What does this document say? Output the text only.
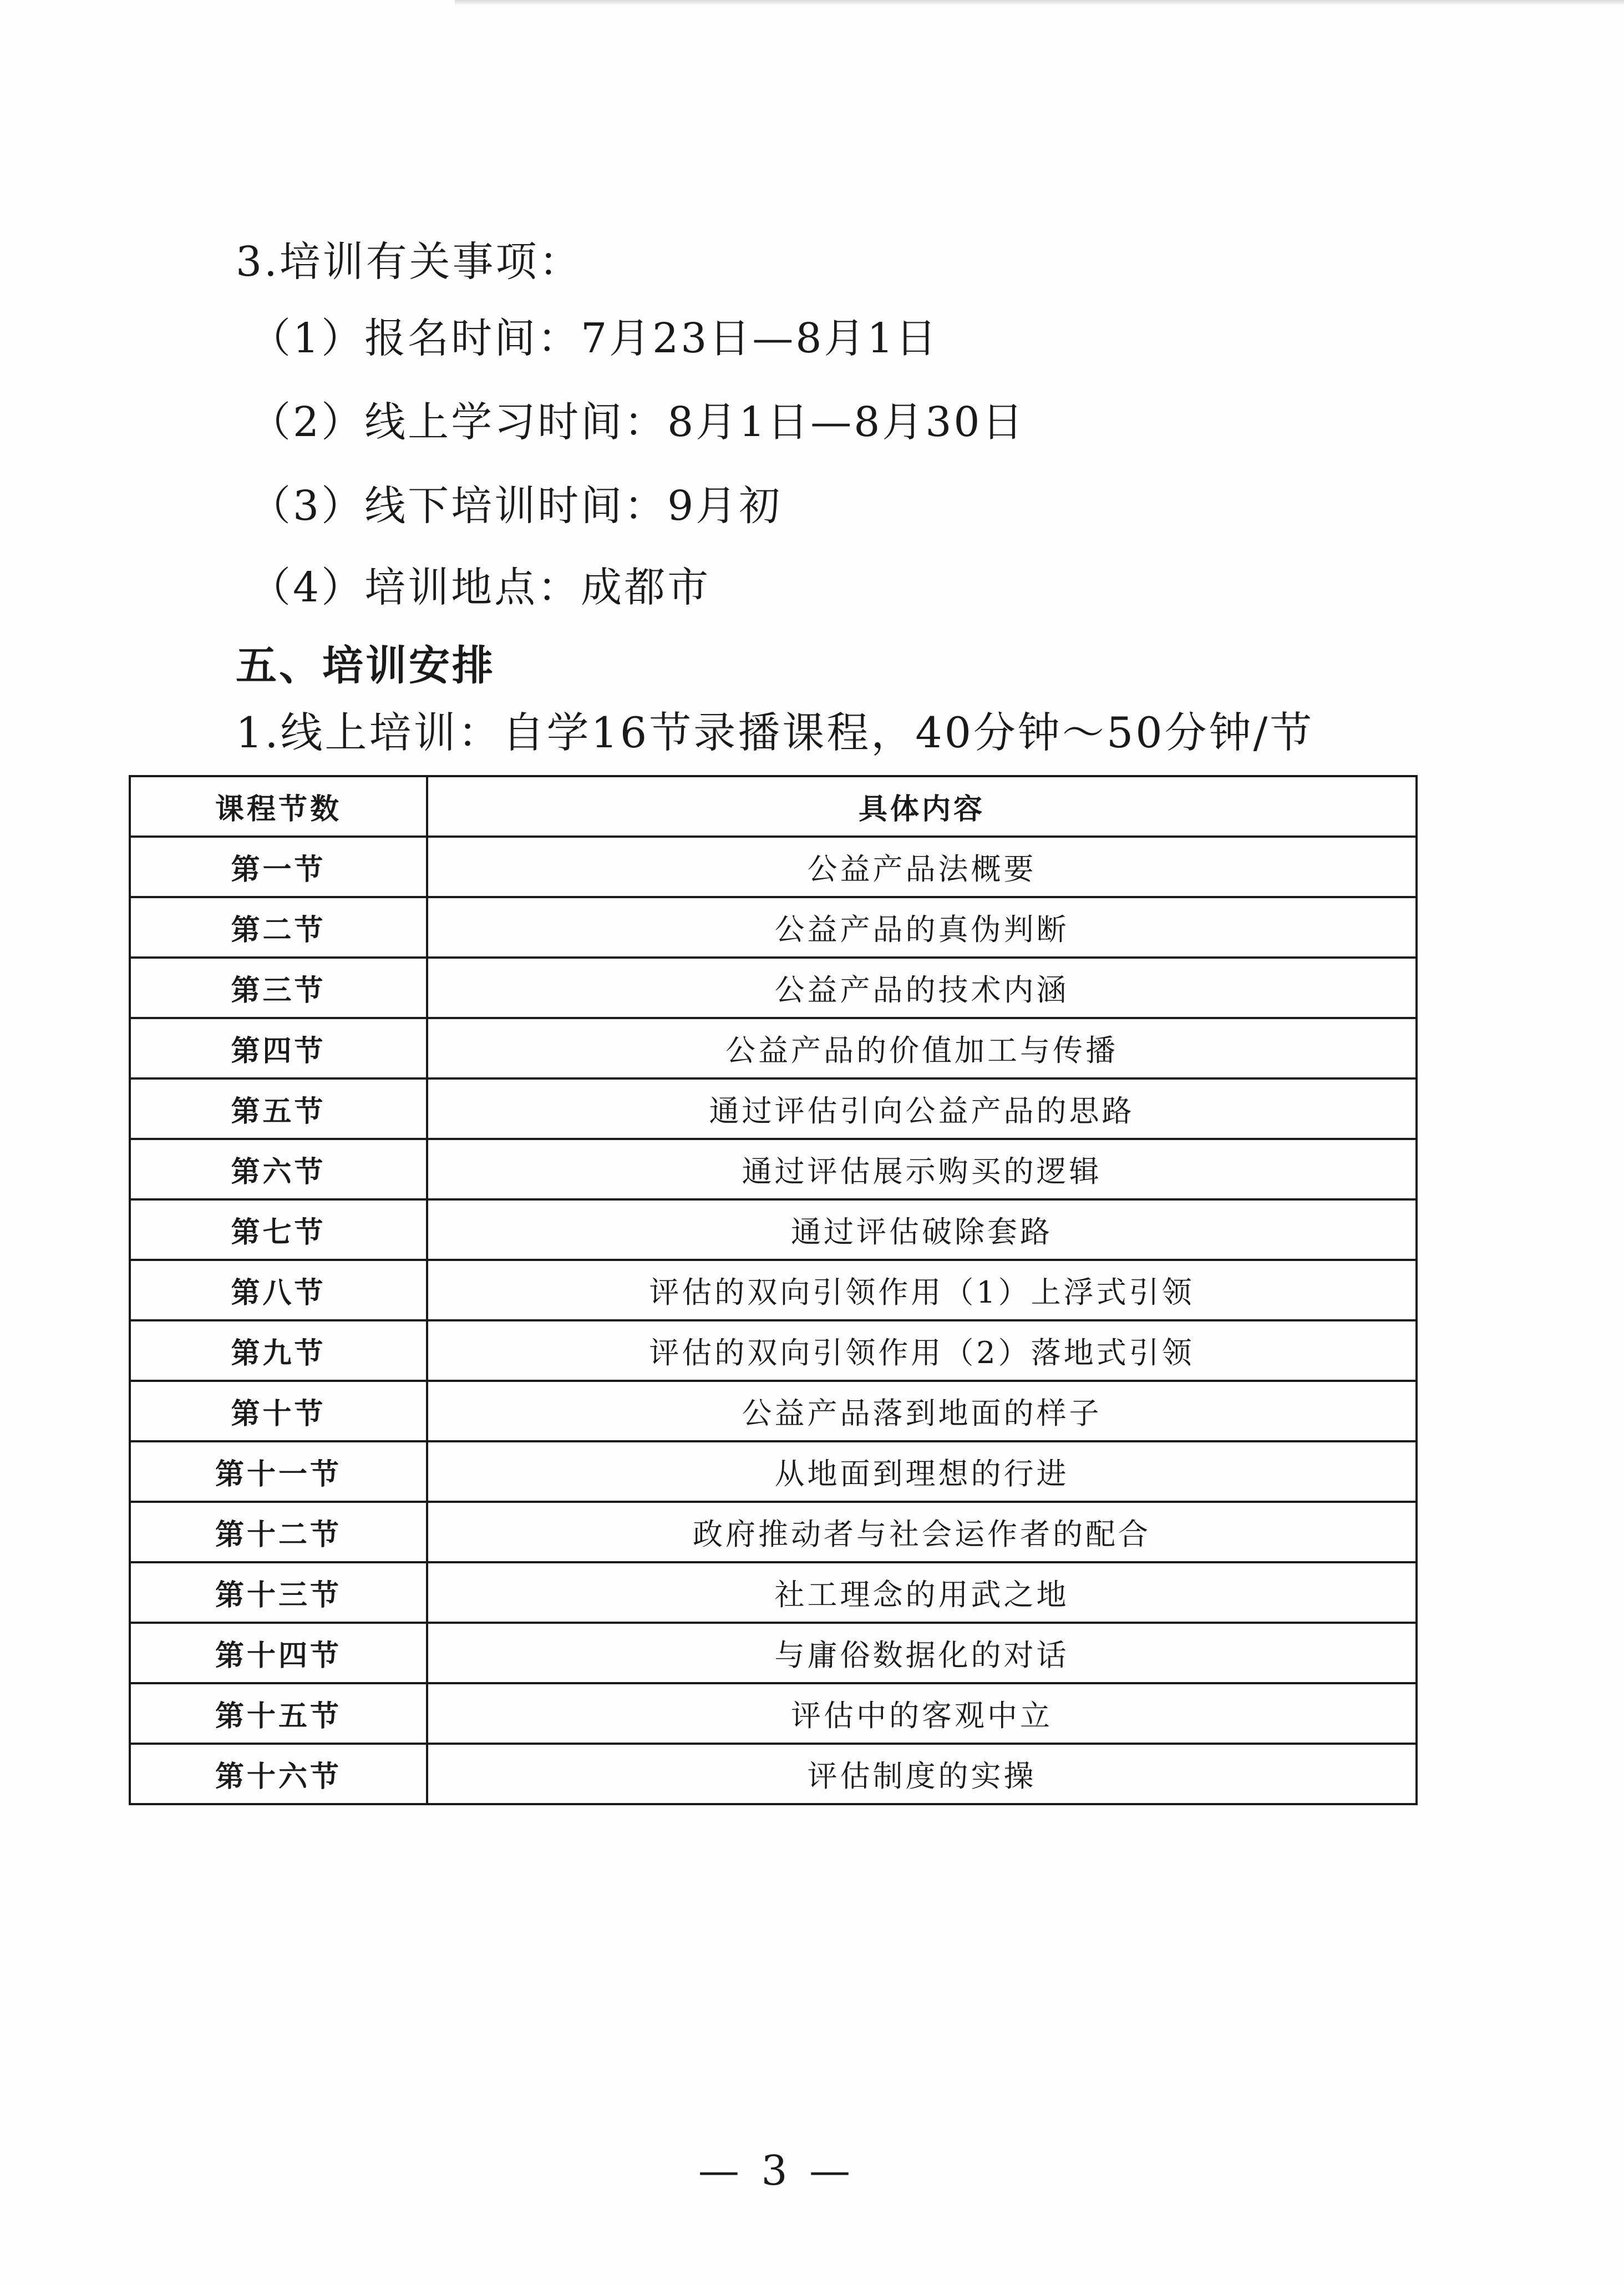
3.培训有关事项：
（1）报名时间：7月23日—8月1日
（2）线上学习时间：8月1日—8月30日
（3）线下培训时间：9月初
（4）培训地点：成都市
五、培训安排
1.线上培训：自学16节录播课程，40分钟～50分钟/节
课程节数	具体内容
第一节	公益产品法概要
第二节	公益产品的真伪判断
第三节	公益产品的技术内涵
第四节	公益产品的价值加工与传播
第五节	通过评估引向公益产品的思路
第六节	通过评估展示购买的逻辑
第七节	通过评估破除套路
第八节	评估的双向引领作用（1）上浮式引领
第九节	评估的双向引领作用（2）落地式引领
第十节	公益产品落到地面的样子
第十一节	从地面到理想的行进
第十二节	政府推动者与社会运作者的配合
第十三节	社工理念的用武之地
第十四节	与庸俗数据化的对话
第十五节	评估中的客观中立
第十六节	评估制度的实操
— 3 —
